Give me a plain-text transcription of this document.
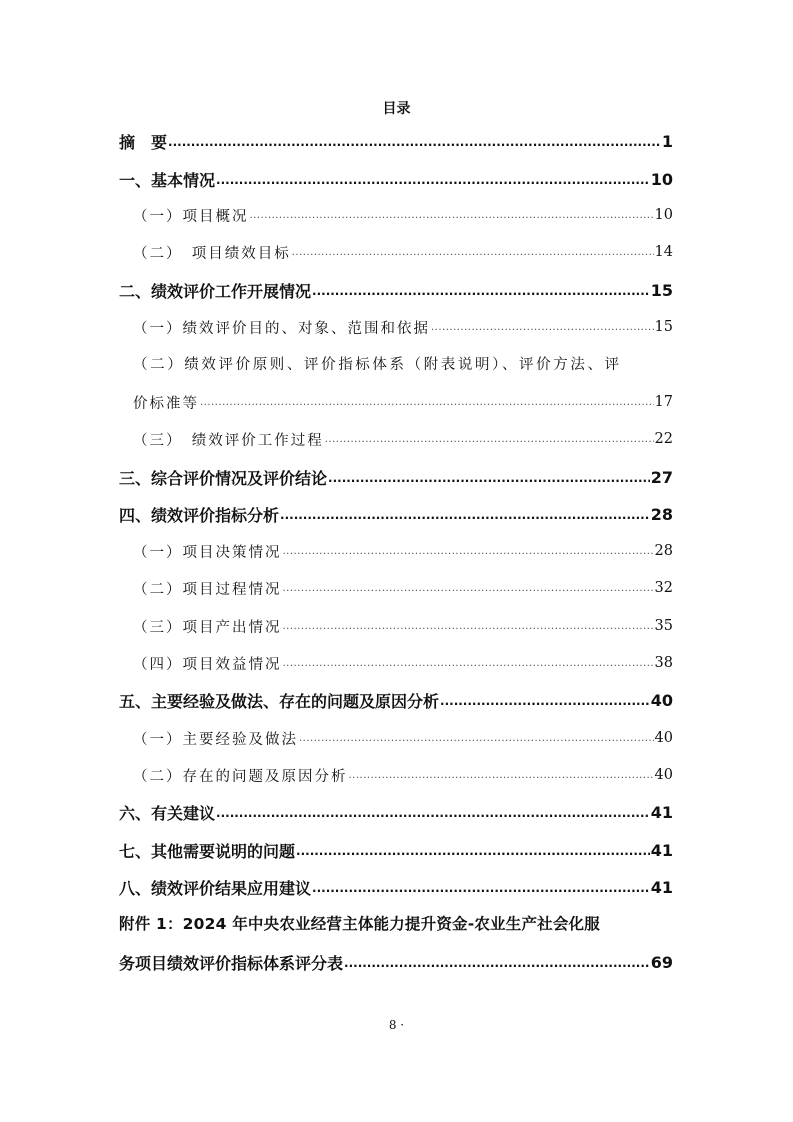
目录
摘　要 .....	1
一、基本情况 .....	10
（一）项目概况 .....	10
（二） 项目绩效目标 .....	14
二、绩效评价工作开展情况 .....	15
（一）绩效评价目的、对象、范围和依据 .....	15
（二）绩效评价原则、评价指标体系（附表说明）、评价方法、评
价标准等 .....	17
（三） 绩效评价工作过程 .....	22
三、综合评价情况及评价结论 .....	27
四、绩效评价指标分析 .....	28
（一）项目决策情况 .....	28
（二）项目过程情况 .....	32
（三）项目产出情况 .....	35
（四）项目效益情况 .....	38
五、主要经验及做法、存在的问题及原因分析 .....	40
（一）主要经验及做法 .....	40
（二）存在的问题及原因分析 .....	40
六、有关建议 .....	41
七、其他需要说明的问题 .....	41
八、绩效评价结果应用建议 .....	41
附件 1：2024 年中央农业经营主体能力提升资金-农业生产社会化服
务项目绩效评价指标体系评分表 .....	69
8 ·
